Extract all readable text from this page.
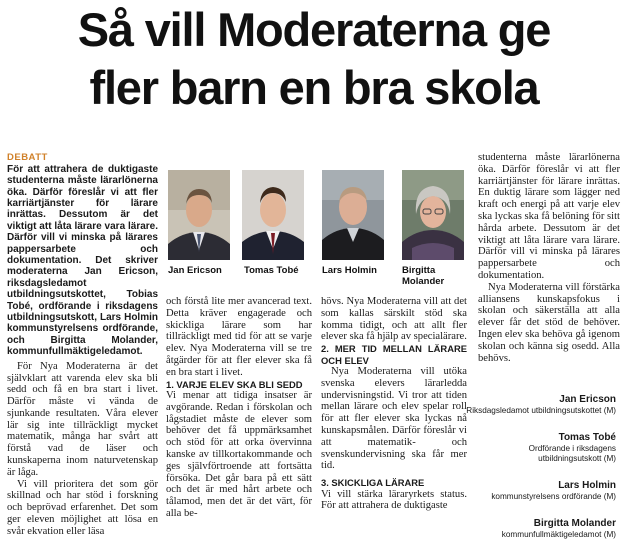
Så vill Moderaterna ge
fler barn en bra skola

DEBATT

För att attrahera de duktigaste studenterna måste lärarlönerna öka. Därför föreslår vi att fler karriärtjänster för lärare inrättas. Dessutom är det viktigt att låta lärare vara lärare. Därför vill vi minska på lärares pappersarbete och dokumentation. Det skriver moderaterna Jan Ericson, riksdagsledamot utbildningsutskottet, Tobias Tobé, ordförande i riksdagens utbildningsutskott, Lars Holmin kommunstyrelsens ordförande, och Birgitta Molander, kommunfullmäktigeledamot.

För Nya Moderaterna är det självklart att varenda elev ska bli sedd och få en bra start i livet. Därför måste vi vända de sjunkande resultaten. Våra elever lär sig inte tillräckligt mycket matematik, många har svårt att förstå vad de läser och kunskaperna inom naturvetenskap är låga.

Vi vill prioritera det som gör skillnad och har stöd i forskning och beprövad erfarenhet. Det som ger eleven möjlighet att lösa en svår ekvation eller läsa

Jan Ericson Tomas Tobé Lars Holmin	Birgitta Molander

och förstå lite mer avancerad text. Detta kräver engagerade och skickliga lärare som har tillräckligt med tid för att se varje elev. Nya Moderaterna vill se tre åtgärder för att fler elever ska få en bra start i livet.

1. VARJE ELEV SKA BLI SEDD

Vi menar att tidiga insatser är avgörande. Redan i förskolan och lågstadiet måste de elever som behöver det få uppmärksamhet och stöd för att orka övervinna kanske av tillkortakommande och ges självförtroende att fortsätta försöka. Det går bara på ett sätt och det är med hårt arbete och tålamod, men det är det värt, för alla be-

hövs. Nya Moderaterna vill att det som kallas särskilt stöd ska komma tidigt, och att allt fler elever ska få hjälp av specialärare.

2. MER TID MELLAN LÄRARE OCH ELEV

Nya Moderaterna vill utöka svenska elevers lärarledda undervisningstid. Vi tror att tiden mellan lärare och elev spelar roll för att fler elever ska lyckas nå kunskapsmålen. Därför föreslår vi att matematik- och svenskundervisning ska får mer tid.

3. SKICKLIGA LÄRARE

Vi vill stärka läraryrkets status. För att attrahera de duktigaste

studenterna måste lärarlönerna öka. Därför föreslår vi att fler karriärtjänster för lärare inrättas. En duktig lärare som lägger ned kraft och energi på att varje elev ska lyckas ska få belöning för sitt hårda arbete. Dessutom är det viktigt att låta lärare vara lärare. Därför vill vi minska på lärares pappersarbete och dokumentation.

Nya Moderaterna vill förstärka alliansens kunskapsfokus i skolan och säkerställa att alla elever får det stöd de behöver. Ingen elev ska behöva gå igenom skolan och känna sig osedd. Alla behövs.

Jan Ericson
Riksdagsledamot utbildningsutskottet (M)
Tomas Tobé
Ordförande i riksdagens utbildningsutskott (M)
Lars Holmin
kommunstyrelsens ordförande (M)
Birgitta Molander
kommunfullmäktigeledamot (M)
